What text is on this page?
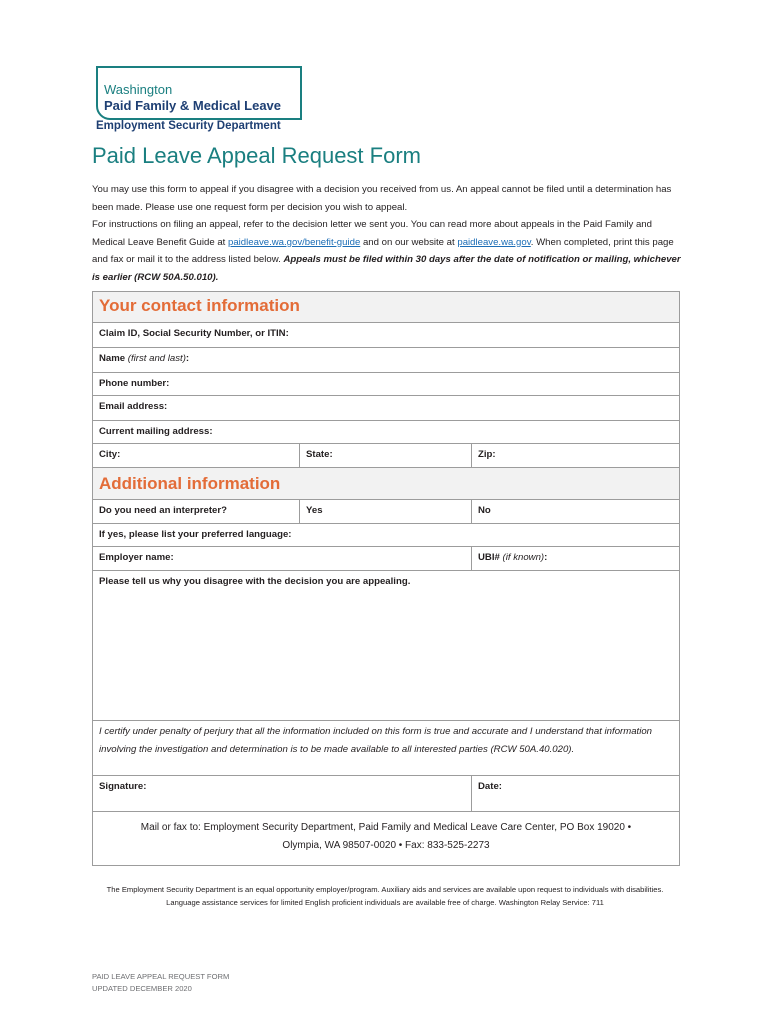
Washington
Paid Family & Medical Leave
Employment Security Department
Paid Leave Appeal Request Form

You may use this form to appeal if you disagree with a decision you received from us. An appeal cannot be filed until a determination has been made. Please use one request form per decision you wish to appeal.

For instructions on filing an appeal, refer to the decision letter we sent you. You can read more about appeals in the Paid Family and Medical Leave Benefit Guide at paidleave.wa.gov/benefit-guide and on our website at paidleave.wa.gov. When completed, print this page and fax or mail it to the address listed below. Appeals must be filed within 30 days after the date of notification or mailing, whichever is earlier (RCW 50A.50.010).

Your contact information
Claim ID, Social Security Number, or ITIN:
Name (first and last):
Phone number:
Email address:
Current mailing address:
City:	State:	Zip:
Additional information
Do you need an interpreter?	Yes	No
If yes, please list your preferred language:
Employer name:	UBI# (if known):
Please tell us why you disagree with the decision you are appealing.
I certify under penalty of perjury that all the information included on this form is true and accurate and I understand that information involving the investigation and determination is to be made available to all interested parties (RCW 50A.40.020).
Signature:	Date:
Mail or fax to: Employment Security Department, Paid Family and Medical Leave Care Center, PO Box 19020 •
Olympia, WA 98507-0020 • Fax: 833-525-2273
The Employment Security Department is an equal opportunity employer/program. Auxiliary aids and services are available upon request to individuals with disabilities. Language assistance services for limited English proficient individuals are available free of charge. Washington Relay Service: 711
PAID LEAVE APPEAL REQUEST FORM
UPDATED DECEMBER 2020
